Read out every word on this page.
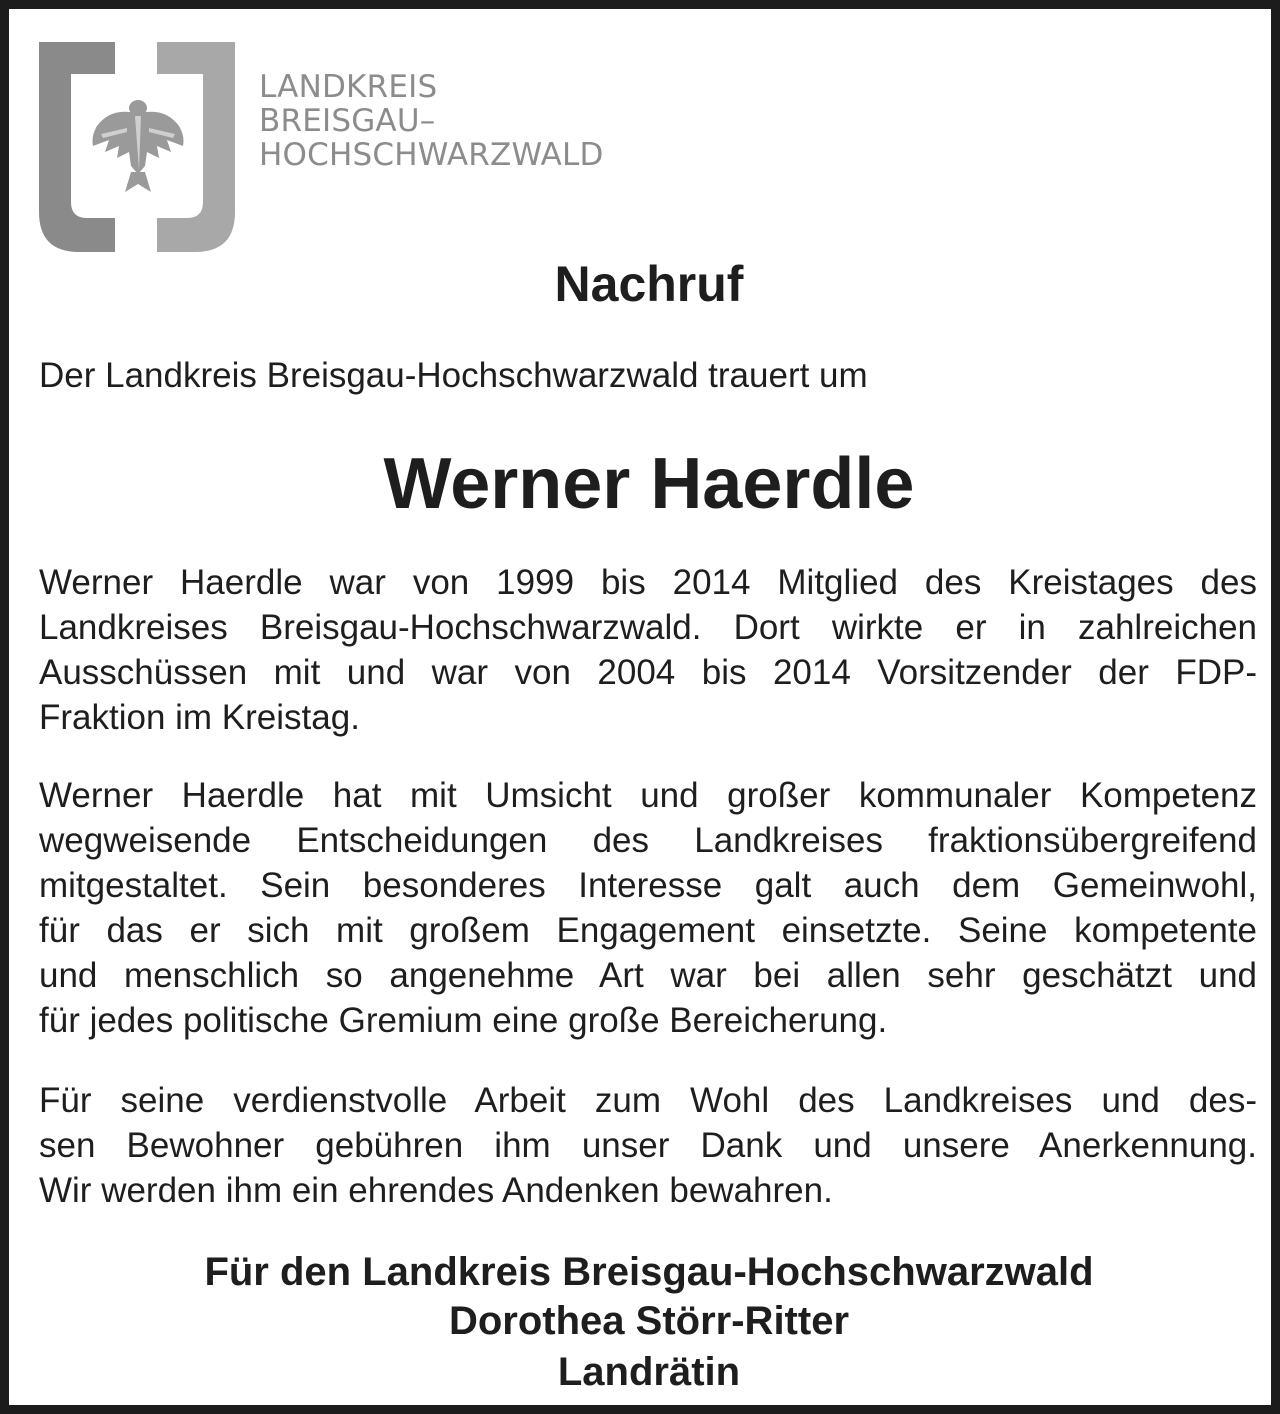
LANDKREIS
BREISGAU–
HOCHSCHWARZWALD
Nachruf
Der Landkreis Breisgau-Hochschwarzwald trauert um
Werner Haerdle
Werner Haerdle war von 1999 bis 2014 Mitglied des Kreistages des
Landkreises Breisgau-Hochschwarzwald. Dort wirkte er in zahlreichen
Ausschüssen mit und war von 2004 bis 2014 Vorsitzender der FDP-
Fraktion im Kreistag.
Werner Haerdle hat mit Umsicht und großer kommunaler Kompetenz
wegweisende Entscheidungen des Landkreises fraktionsübergreifend
mitgestaltet. Sein besonderes Interesse galt auch dem Gemeinwohl,
für das er sich mit großem Engagement einsetzte. Seine kompetente
und menschlich so angenehme Art war bei allen sehr geschätzt und
für jedes politische Gremium eine große Bereicherung.
Für seine verdienstvolle Arbeit zum Wohl des Landkreises und des-
sen Bewohner gebühren ihm unser Dank und unsere Anerkennung.
Wir werden ihm ein ehrendes Andenken bewahren.
Für den Landkreis Breisgau-Hochschwarzwald
Dorothea Störr-Ritter
Landrätin
